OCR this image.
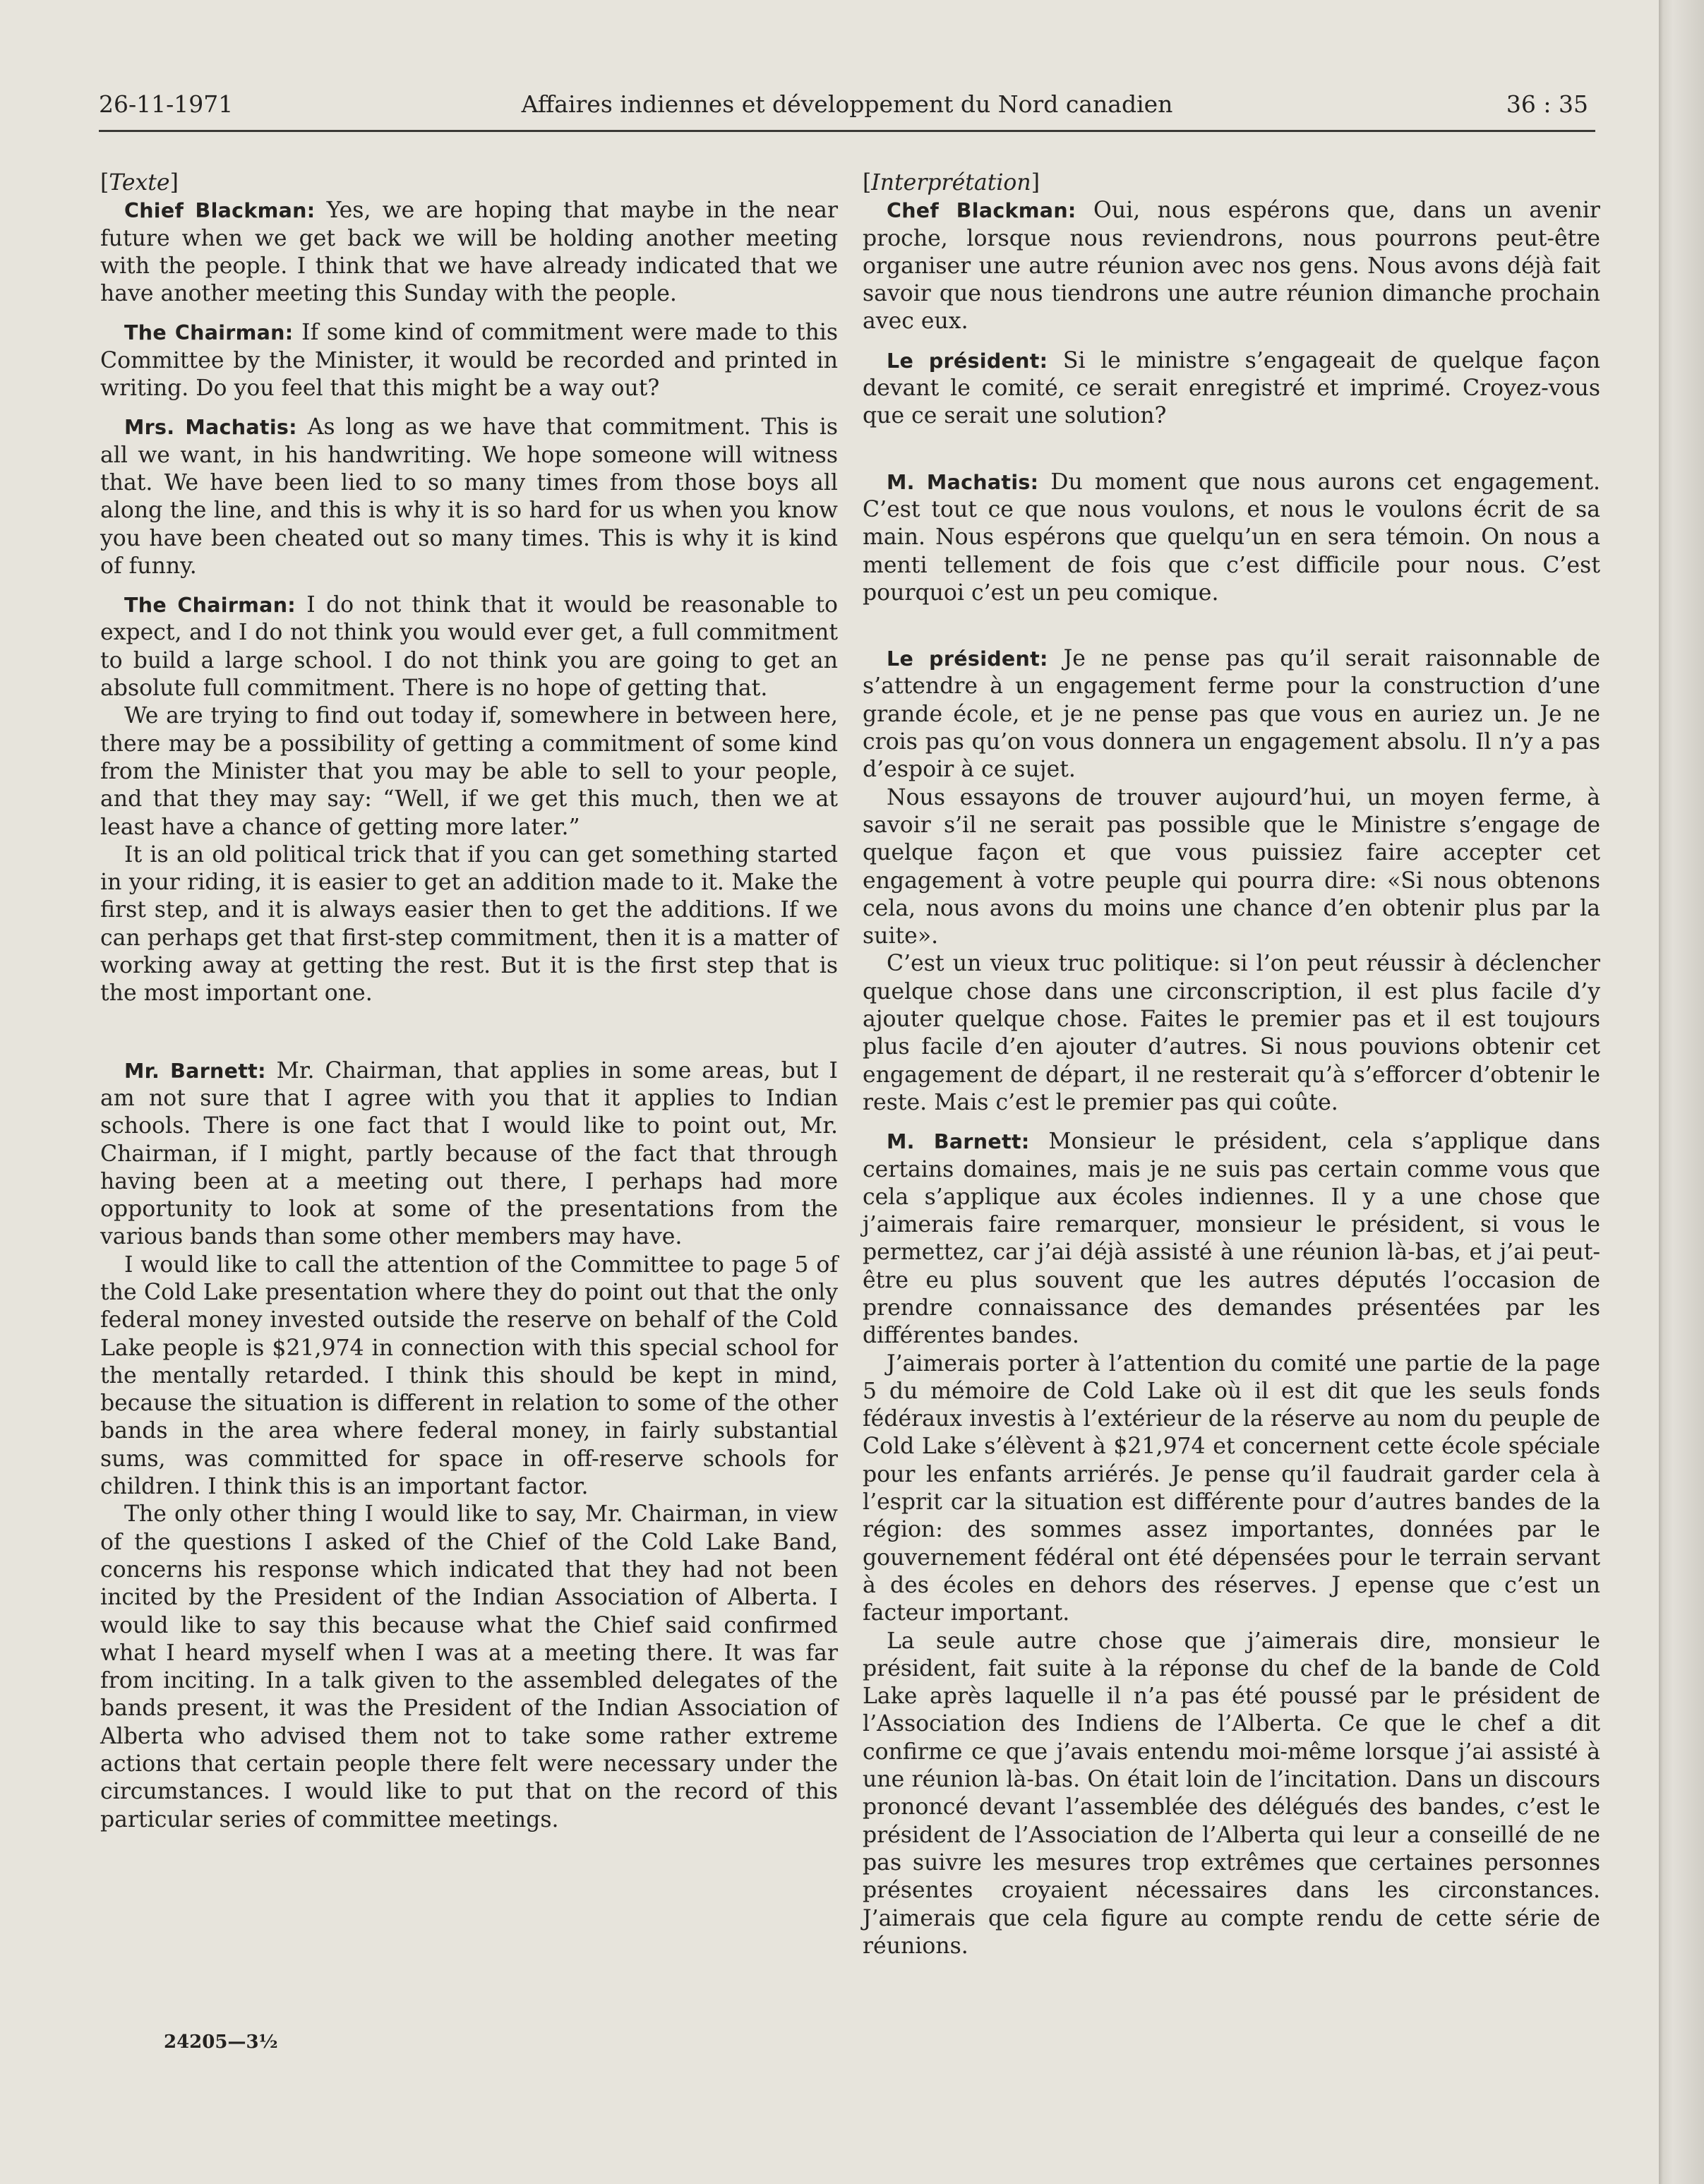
26-11-1971	Affaires indiennes et développement du Nord canadien	36 : 35

[Texte]

Chief Blackman: Yes, we are hoping that maybe in the near future when we get back we will be holding another meeting with the people. I think that we have already indicated that we have another meeting this Sunday with the people.

The Chairman: If some kind of commitment were made to this Committee by the Minister, it would be recorded and printed in writing. Do you feel that this might be a way out?

Mrs. Machatis: As long as we have that commitment. This is all we want, in his handwriting. We hope someone will witness that. We have been lied to so many times from those boys all along the line, and this is why it is so hard for us when you know you have been cheated out so many times. This is why it is kind of funny.

The Chairman: I do not think that it would be reasonable to expect, and I do not think you would ever get, a full commitment to build a large school. I do not think you are going to get an absolute full commitment. There is no hope of getting that.

We are trying to find out today if, somewhere in between here, there may be a possibility of getting a commitment of some kind from the Minister that you may be able to sell to your people, and that they may say: “Well, if we get this much, then we at least have a chance of getting more later.”

It is an old political trick that if you can get something started in your riding, it is easier to get an addition made to it. Make the first step, and it is always easier then to get the additions. If we can perhaps get that first-step commitment, then it is a matter of working away at getting the rest. But it is the first step that is the most important one.

Mr. Barnett: Mr. Chairman, that applies in some areas, but I am not sure that I agree with you that it applies to Indian schools. There is one fact that I would like to point out, Mr. Chairman, if I might, partly because of the fact that through having been at a meeting out there, I perhaps had more opportunity to look at some of the presentations from the various bands than some other members may have.

I would like to call the attention of the Committee to page 5 of the Cold Lake presentation where they do point out that the only federal money invested outside the reserve on behalf of the Cold Lake people is $21,974 in connection with this special school for the mentally retarded. I think this should be kept in mind, because the situation is different in relation to some of the other bands in the area where federal money, in fairly substantial sums, was committed for space in off-reserve schools for children. I think this is an important factor.

The only other thing I would like to say, Mr. Chairman, in view of the questions I asked of the Chief of the Cold Lake Band, concerns his response which indicated that they had not been incited by the President of the Indian Association of Alberta. I would like to say this because what the Chief said confirmed what I heard myself when I was at a meeting there. It was far from inciting. In a talk given to the assembled delegates of the bands present, it was the President of the Indian Association of Alberta who advised them not to take some rather extreme actions that certain people there felt were necessary under the circumstances. I would like to put that on the record of this particular series of committee meetings.

[Interprétation]

Chef Blackman: Oui, nous espérons que, dans un avenir proche, lorsque nous reviendrons, nous pourrons peut-être organiser une autre réunion avec nos gens. Nous avons déjà fait savoir que nous tiendrons une autre réunion dimanche prochain avec eux.

Le président: Si le ministre s’engageait de quelque façon devant le comité, ce serait enregistré et imprimé. Croyez-vous que ce serait une solution?

M. Machatis: Du moment que nous aurons cet engagement. C’est tout ce que nous voulons, et nous le voulons écrit de sa main. Nous espérons que quelqu’un en sera témoin. On nous a menti tellement de fois que c’est difficile pour nous. C’est pourquoi c’est un peu comique.

Le président: Je ne pense pas qu’il serait raisonnable de s’attendre à un engagement ferme pour la construction d’une grande école, et je ne pense pas que vous en auriez un. Je ne crois pas qu’on vous donnera un engagement absolu. Il n’y a pas d’espoir à ce sujet.

Nous essayons de trouver aujourd’hui, un moyen ferme, à savoir s’il ne serait pas possible que le Ministre s’engage de quelque façon et que vous puissiez faire accepter cet engagement à votre peuple qui pourra dire: «Si nous obtenons cela, nous avons du moins une chance d’en obtenir plus par la suite».

C’est un vieux truc politique: si l’on peut réussir à déclencher quelque chose dans une circonscription, il est plus facile d’y ajouter quelque chose. Faites le premier pas et il est toujours plus facile d’en ajouter d’autres. Si nous pouvions obtenir cet engagement de départ, il ne resterait qu’à s’efforcer d’obtenir le reste. Mais c’est le premier pas qui coûte.

M. Barnett: Monsieur le président, cela s’applique dans certains domaines, mais je ne suis pas certain comme vous que cela s’applique aux écoles indiennes. Il y a une chose que j’aimerais faire remarquer, monsieur le président, si vous le permettez, car j’ai déjà assisté à une réunion là-bas, et j’ai peut-être eu plus souvent que les autres députés l’occasion de prendre connaissance des demandes présentées par les différentes bandes.

J’aimerais porter à l’attention du comité une partie de la page 5 du mémoire de Cold Lake où il est dit que les seuls fonds fédéraux investis à l’extérieur de la réserve au nom du peuple de Cold Lake s’élèvent à $21,974 et concernent cette école spéciale pour les enfants arriérés. Je pense qu’il faudrait garder cela à l’esprit car la situation est différente pour d’autres bandes de la région: des sommes assez importantes, données par le gouvernement fédéral ont été dépensées pour le terrain servant à des écoles en dehors des réserves. J epense que c’est un facteur important.

La seule autre chose que j’aimerais dire, monsieur le président, fait suite à la réponse du chef de la bande de Cold Lake après laquelle il n’a pas été poussé par le président de l’Association des Indiens de l’Alberta. Ce que le chef a dit confirme ce que j’avais entendu moi-même lorsque j’ai assisté à une réunion là-bas. On était loin de l’incitation. Dans un discours prononcé devant l’assemblée des délégués des bandes, c’est le président de l’Association de l’Alberta qui leur a conseillé de ne pas suivre les mesures trop extrêmes que certaines personnes présentes croyaient nécessaires dans les circonstances. J’aimerais que cela figure au compte rendu de cette série de réunions.

24205—3½
